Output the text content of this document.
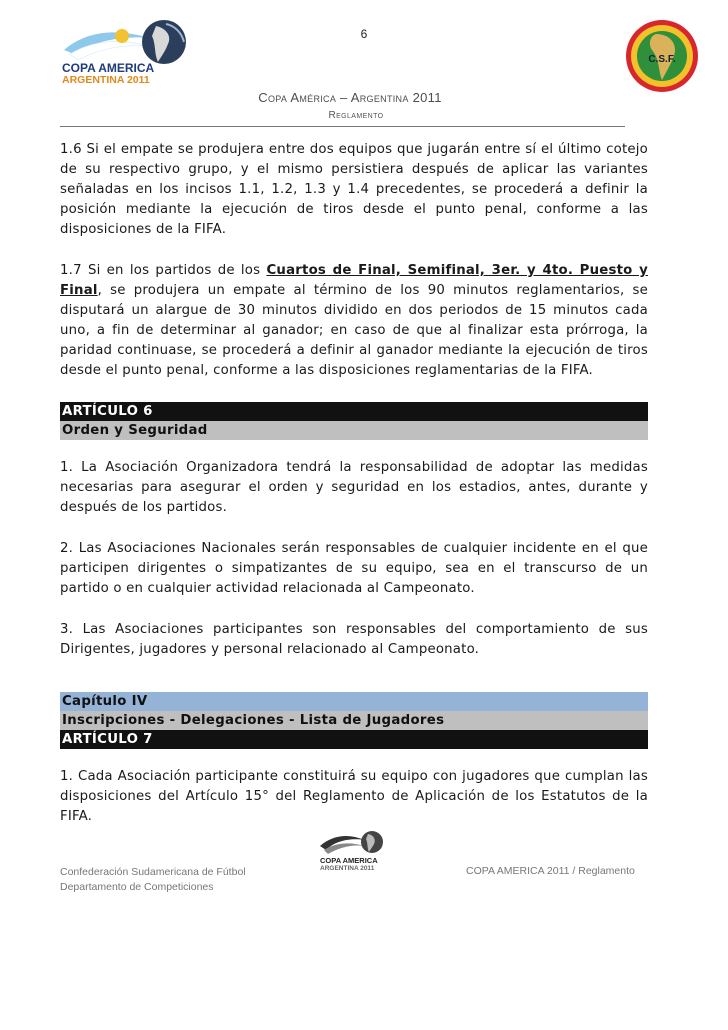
6
COPA AMERICA
ARGENTINA 2011
C.S.F.
Copa América – Argentina 2011
Reglamento

1.6 Si el empate se produjera entre dos equipos que jugarán entre sí el último cotejo de su respectivo grupo, y el mismo persistiera después de aplicar las variantes señaladas en los incisos 1.1, 1.2, 1.3 y 1.4 precedentes, se procederá a definir la posición mediante la ejecución de tiros desde el punto penal, conforme a las disposiciones de la FIFA.

1.7 Si en los partidos de los Cuartos de Final, Semifinal, 3er. y 4to. Puesto y Final, se produjera un empate al término de los 90 minutos reglamentarios, se disputará un alargue de 30 minutos dividido en dos periodos de 15 minutos cada uno, a fin de determinar al ganador; en caso de que al finalizar esta prórroga, la paridad continuase, se procederá a definir al ganador mediante la ejecución de tiros desde el punto penal, conforme a las disposiciones reglamentarias de la FIFA.

ARTÍCULO 6
Orden y Seguridad

1. La Asociación Organizadora tendrá la responsabilidad de adoptar las medidas necesarias para asegurar el orden y seguridad en los estadios, antes, durante y después de los partidos.

2. Las Asociaciones Nacionales serán responsables de cualquier incidente en el que participen dirigentes o simpatizantes de su equipo, sea en el transcurso de un partido o en cualquier actividad relacionada al Campeonato.

3. Las Asociaciones participantes son responsables del comportamiento de sus Dirigentes, jugadores y personal relacionado al Campeonato.

Capítulo IV
Inscripciones - Delegaciones - Lista de Jugadores
ARTÍCULO 7

1. Cada Asociación participante constituirá su equipo con jugadores que cumplan las disposiciones del Artículo 15° del Reglamento de Aplicación de los Estatutos de la FIFA.

COPA AMERICA
ARGENTINA 2011
Confederación Sudamericana de Fútbol
Departamento de Competiciones
COPA AMERICA 2011 / Reglamento
